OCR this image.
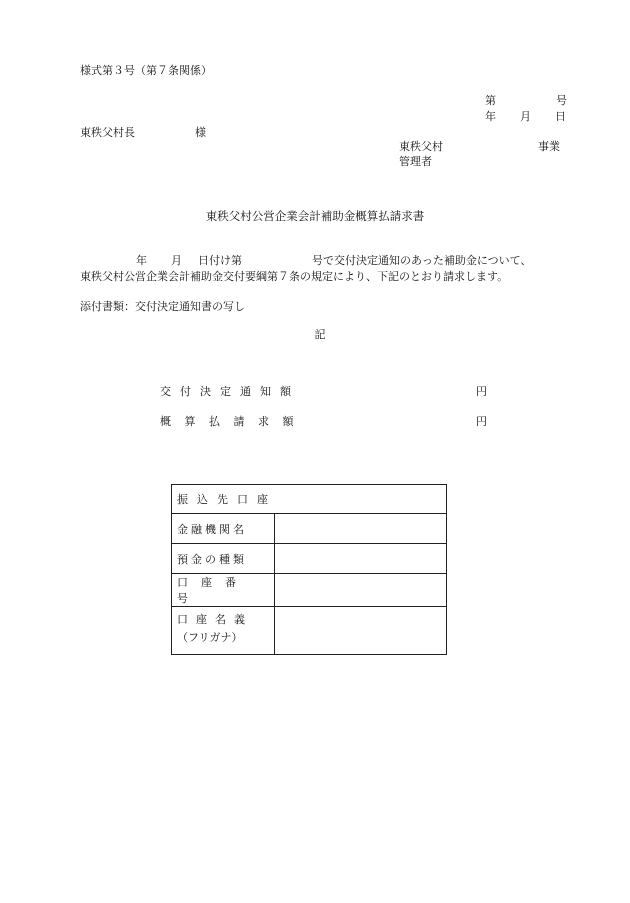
様式第３号（第７条関係）
第	号
年 月 日
東秩父村長	様
東秩父村	事業
管理者
東秩父村公営企業会計補助金概算払請求書
年 月 日付け第	号で交付決定通知のあった補助金について、
東秩父村公営企業会計補助金交付要綱第７条の規定により、下記のとおり請求します。
添付書類：交付決定通知書の写し
記
交付決定通知額	円
概算払請求額	円
振込先口座	
金融機関名	
預金の種類	
口座番号	
口座名義
（フリガナ）	
